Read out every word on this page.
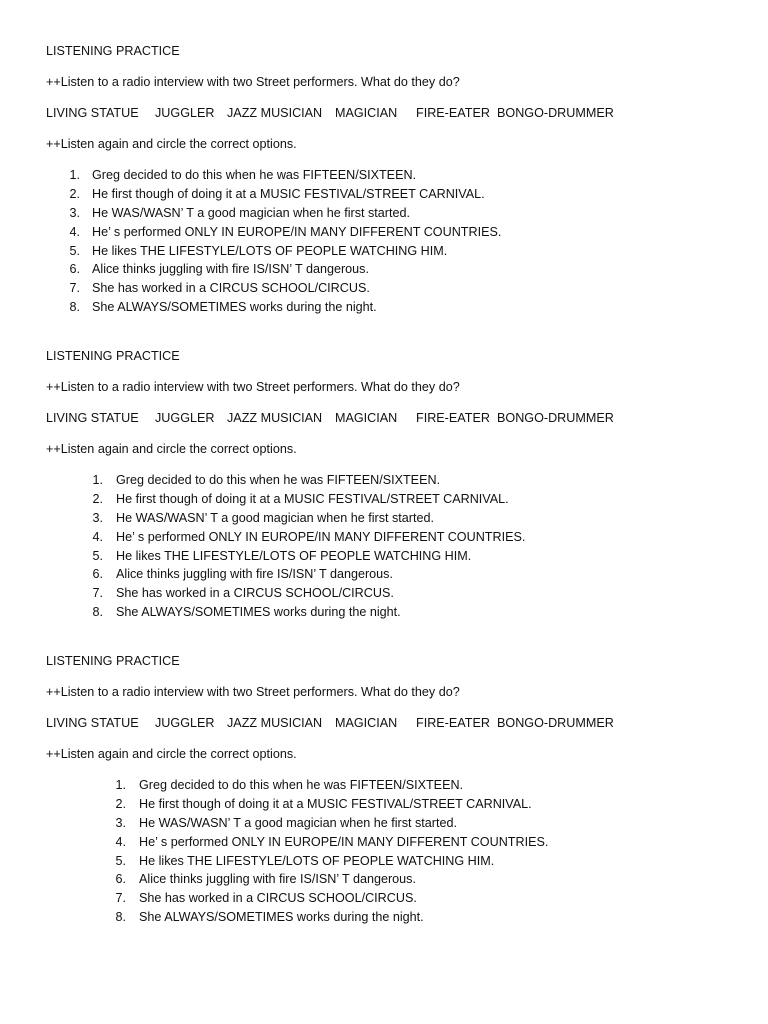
LISTENING PRACTICE
++Listen to a radio interview with two Street performers. What do they do?
LIVING STATUE JUGGLER JAZZ MUSICIAN MAGICIAN FIRE-EATER BONGO-DRUMMER
++Listen again and circle the correct options.
1. Greg decided to do this when he was FIFTEEN/SIXTEEN.
2. He first though of doing it at a MUSIC FESTIVAL/STREET CARNIVAL.
3. He WAS/WASN’ T a good magician when he first started.
4. He’ s performed ONLY IN EUROPE/IN MANY DIFFERENT COUNTRIES.
5. He likes THE LIFESTYLE/LOTS OF PEOPLE WATCHING HIM.
6. Alice thinks juggling with fire IS/ISN’ T dangerous.
7. She has worked in a CIRCUS SCHOOL/CIRCUS.
8. She ALWAYS/SOMETIMES works during the night.
LISTENING PRACTICE
++Listen to a radio interview with two Street performers. What do they do?
LIVING STATUE JUGGLER JAZZ MUSICIAN MAGICIAN FIRE-EATER BONGO-DRUMMER
++Listen again and circle the correct options.
1. Greg decided to do this when he was FIFTEEN/SIXTEEN.
2. He first though of doing it at a MUSIC FESTIVAL/STREET CARNIVAL.
3. He WAS/WASN’ T a good magician when he first started.
4. He’ s performed ONLY IN EUROPE/IN MANY DIFFERENT COUNTRIES.
5. He likes THE LIFESTYLE/LOTS OF PEOPLE WATCHING HIM.
6. Alice thinks juggling with fire IS/ISN’ T dangerous.
7. She has worked in a CIRCUS SCHOOL/CIRCUS.
8. She ALWAYS/SOMETIMES works during the night.
LISTENING PRACTICE
++Listen to a radio interview with two Street performers. What do they do?
LIVING STATUE JUGGLER JAZZ MUSICIAN MAGICIAN FIRE-EATER BONGO-DRUMMER
++Listen again and circle the correct options.
1. Greg decided to do this when he was FIFTEEN/SIXTEEN.
2. He first though of doing it at a MUSIC FESTIVAL/STREET CARNIVAL.
3. He WAS/WASN’ T a good magician when he first started.
4. He’ s performed ONLY IN EUROPE/IN MANY DIFFERENT COUNTRIES.
5. He likes THE LIFESTYLE/LOTS OF PEOPLE WATCHING HIM.
6. Alice thinks juggling with fire IS/ISN’ T dangerous.
7. She has worked in a CIRCUS SCHOOL/CIRCUS.
8. She ALWAYS/SOMETIMES works during the night.
